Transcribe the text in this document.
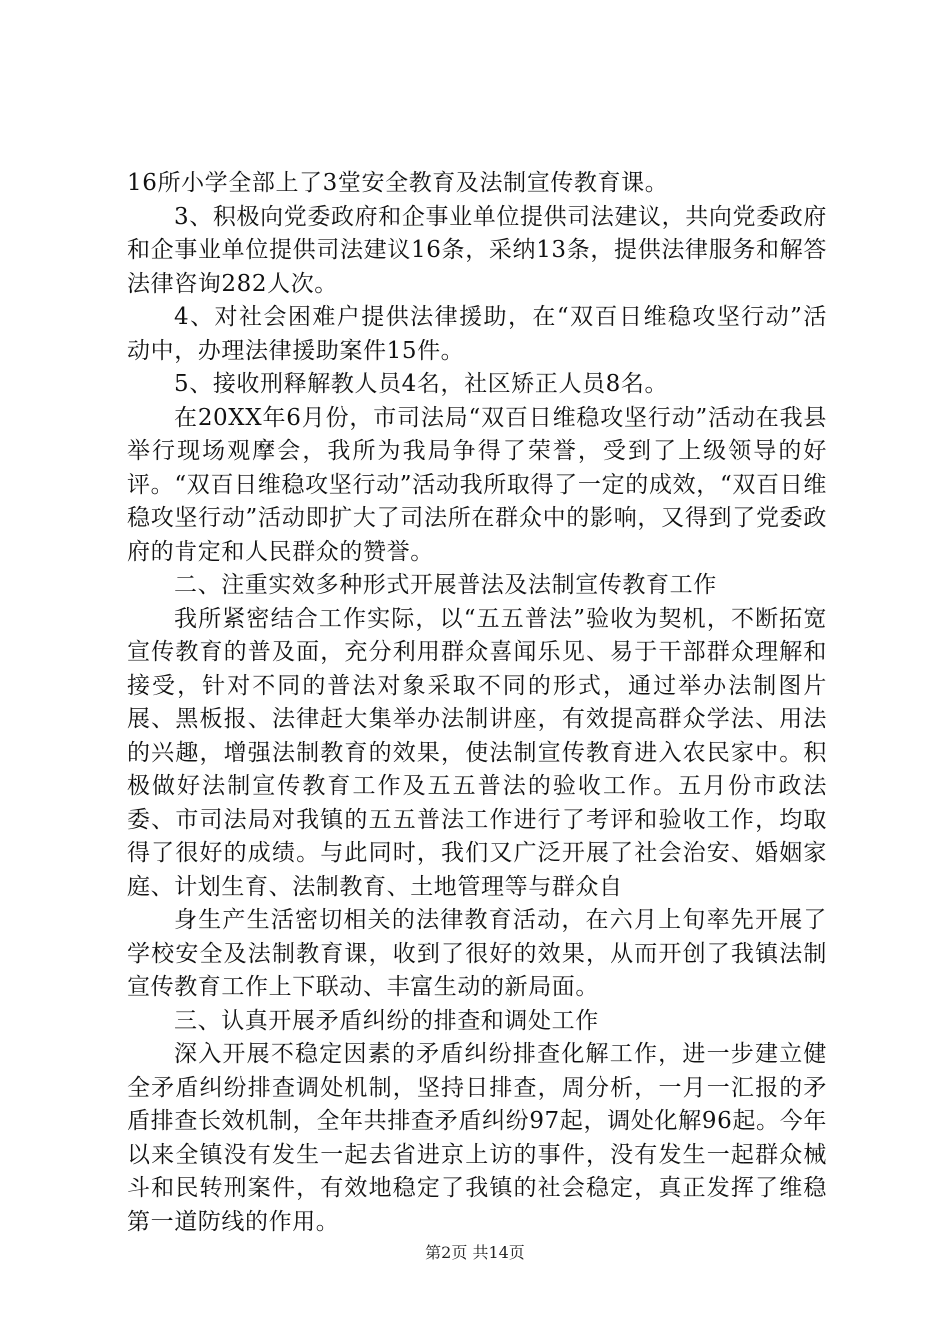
16所小学全部上了3堂安全教育及法制宣传教育课。

3、积极向党委政府和企事业单位提供司法建议，共向党委政府和企事业单位提供司法建议16条，采纳13条，提供法律服务和解答法律咨询282人次。

4、对社会困难户提供法律援助，在“双百日维稳攻坚行动”活动中，办理法律援助案件15件。

5、接收刑释解教人员4名，社区矫正人员8名。

在20XX年6月份，市司法局“双百日维稳攻坚行动”活动在我县举行现场观摩会，我所为我局争得了荣誉，受到了上级领导的好评。“双百日维稳攻坚行动”活动我所取得了一定的成效，“双百日维稳攻坚行动”活动即扩大了司法所在群众中的影响，又得到了党委政府的肯定和人民群众的赞誉。

二、注重实效多种形式开展普法及法制宣传教育工作

我所紧密结合工作实际，以“五五普法”验收为契机，不断拓宽宣传教育的普及面，充分利用群众喜闻乐见、易于干部群众理解和接受，针对不同的普法对象采取不同的形式，通过举办法制图片展、黑板报、法律赶大集举办法制讲座，有效提高群众学法、用法的兴趣，增强法制教育的效果，使法制宣传教育进入农民家中。积极做好法制宣传教育工作及五五普法的验收工作。五月份市政法委、市司法局对我镇的五五普法工作进行了考评和验收工作，均取得了很好的成绩。与此同时，我们又广泛开展了社会治安、婚姻家庭、计划生育、法制教育、土地管理等与群众自

身生产生活密切相关的法律教育活动，在六月上旬率先开展了学校安全及法制教育课，收到了很好的效果，从而开创了我镇法制宣传教育工作上下联动、丰富生动的新局面。

三、认真开展矛盾纠纷的排查和调处工作

深入开展不稳定因素的矛盾纠纷排查化解工作，进一步建立健全矛盾纠纷排查调处机制，坚持日排查，周分析，一月一汇报的矛盾排查长效机制，全年共排查矛盾纠纷97起，调处化解96起。今年以来全镇没有发生一起去省进京上访的事件，没有发生一起群众械斗和民转刑案件，有效地稳定了我镇的社会稳定，真正发挥了维稳第一道防线的作用。

第2页 共14页
